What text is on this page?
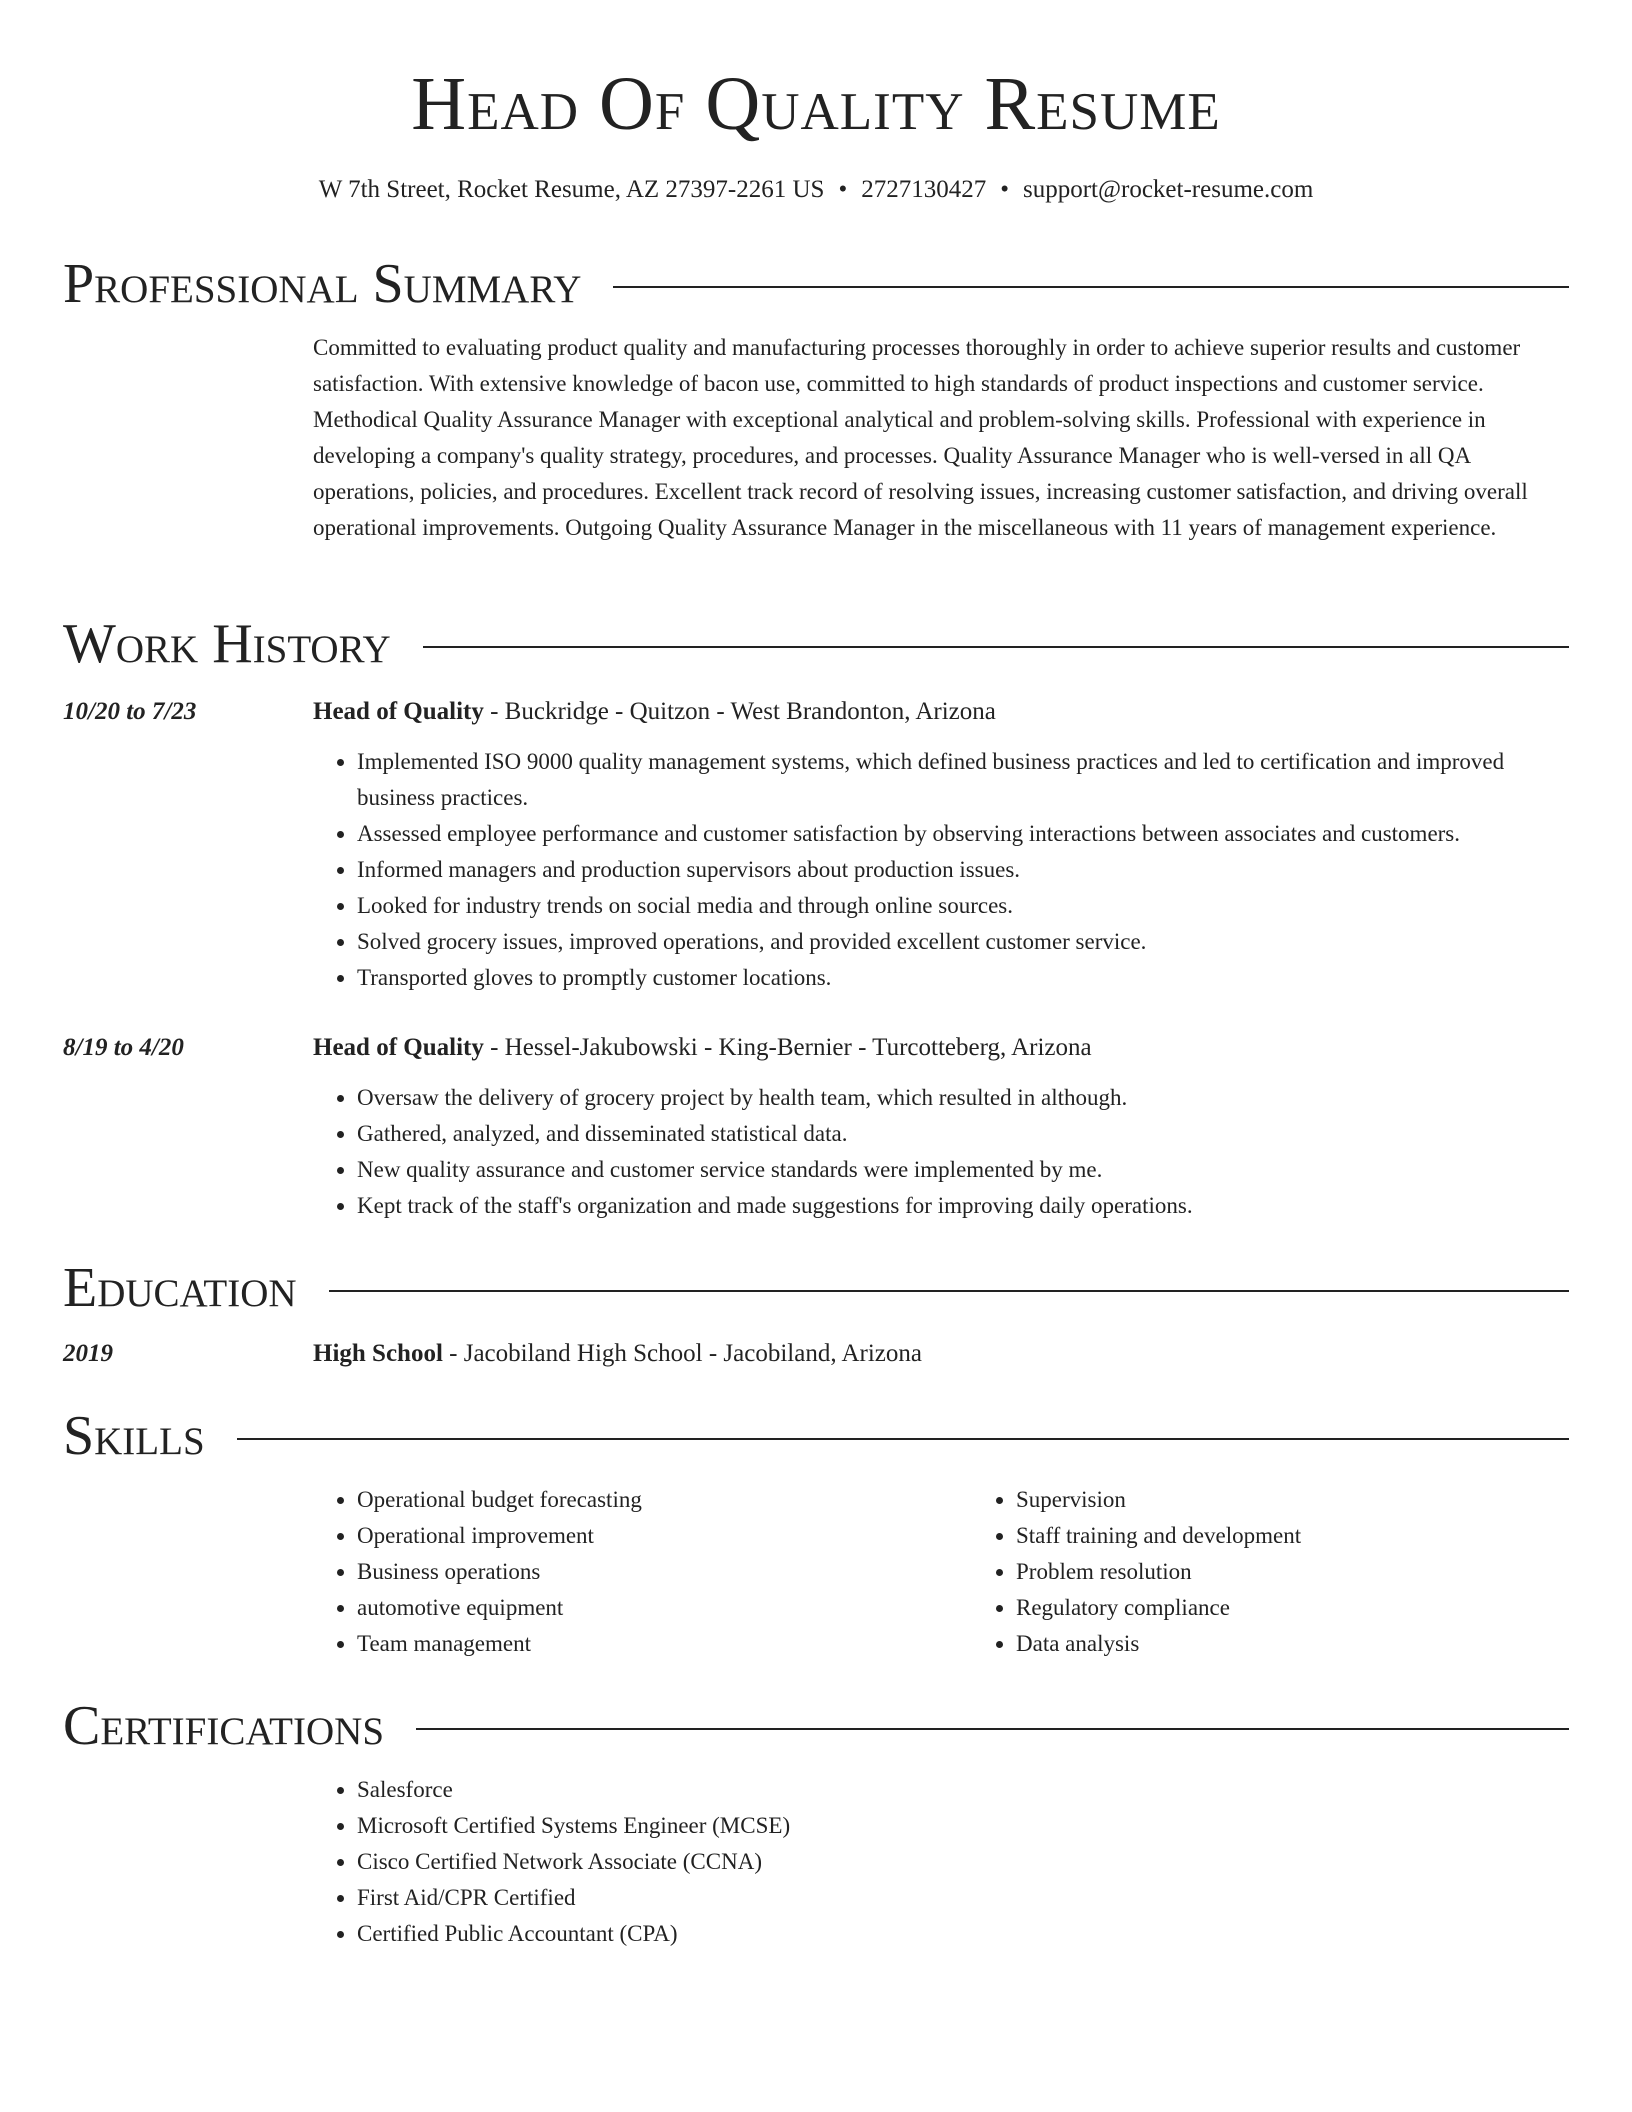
Head Of Quality Resume
W 7th Street, Rocket Resume, AZ 27397-2261 US • 2727130427 • support@rocket-resume.com
Professional Summary

Committed to evaluating product quality and manufacturing processes thoroughly in order to achieve superior results and customer satisfaction. With extensive knowledge of bacon use, committed to high standards of product inspections and customer service. Methodical Quality Assurance Manager with exceptional analytical and problem-solving skills. Professional with experience in developing a company's quality strategy, procedures, and processes. Quality Assurance Manager who is well-versed in all QA operations, policies, and procedures. Excellent track record of resolving issues, increasing customer satisfaction, and driving overall operational improvements. Outgoing Quality Assurance Manager in the miscellaneous with 11 years of management experience.

Work History
10/20 to 7/23	Head of Quality - Buckridge - Quitzon - West Brandonton, Arizona
• Implemented ISO 9000 quality management systems, which defined business practices and led to certification and improved business practices.
• Assessed employee performance and customer satisfaction by observing interactions between associates and customers.
• Informed managers and production supervisors about production issues.
• Looked for industry trends on social media and through online sources.
• Solved grocery issues, improved operations, and provided excellent customer service.
• Transported gloves to promptly customer locations.
8/19 to 4/20	Head of Quality - Hessel-Jakubowski - King-Bernier - Turcotteberg, Arizona
• Oversaw the delivery of grocery project by health team, which resulted in although.
• Gathered, analyzed, and disseminated statistical data.
• New quality assurance and customer service standards were implemented by me.
• Kept track of the staff's organization and made suggestions for improving daily operations.
Education
2019	High School - Jacobiland High School - Jacobiland, Arizona
Skills
• Operational budget forecasting
• Operational improvement
• Business operations
• automotive equipment
• Team management
• Supervision
• Staff training and development
• Problem resolution
• Regulatory compliance
• Data analysis
Certifications
• Salesforce
• Microsoft Certified Systems Engineer (MCSE)
• Cisco Certified Network Associate (CCNA)
• First Aid/CPR Certified
• Certified Public Accountant (CPA)
